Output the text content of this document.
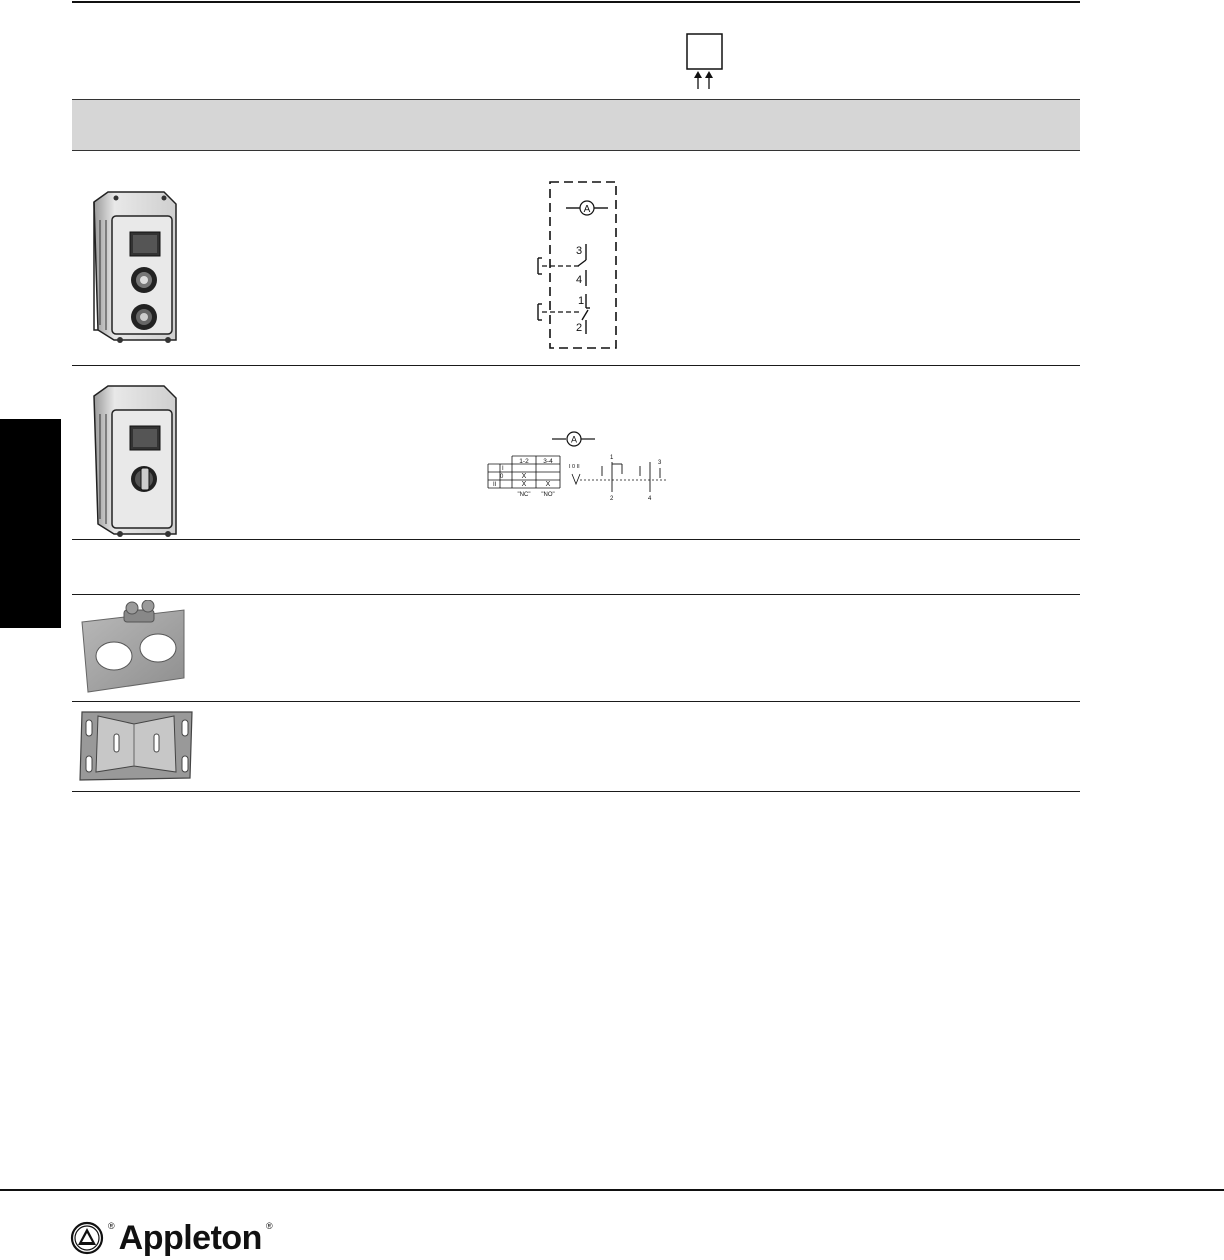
A
3
4
1
2
A
1-2 3-4
I
0
II
X
X	X
"NC" "NO"
I 0 II
1
2
3
4
® Appleton ®
